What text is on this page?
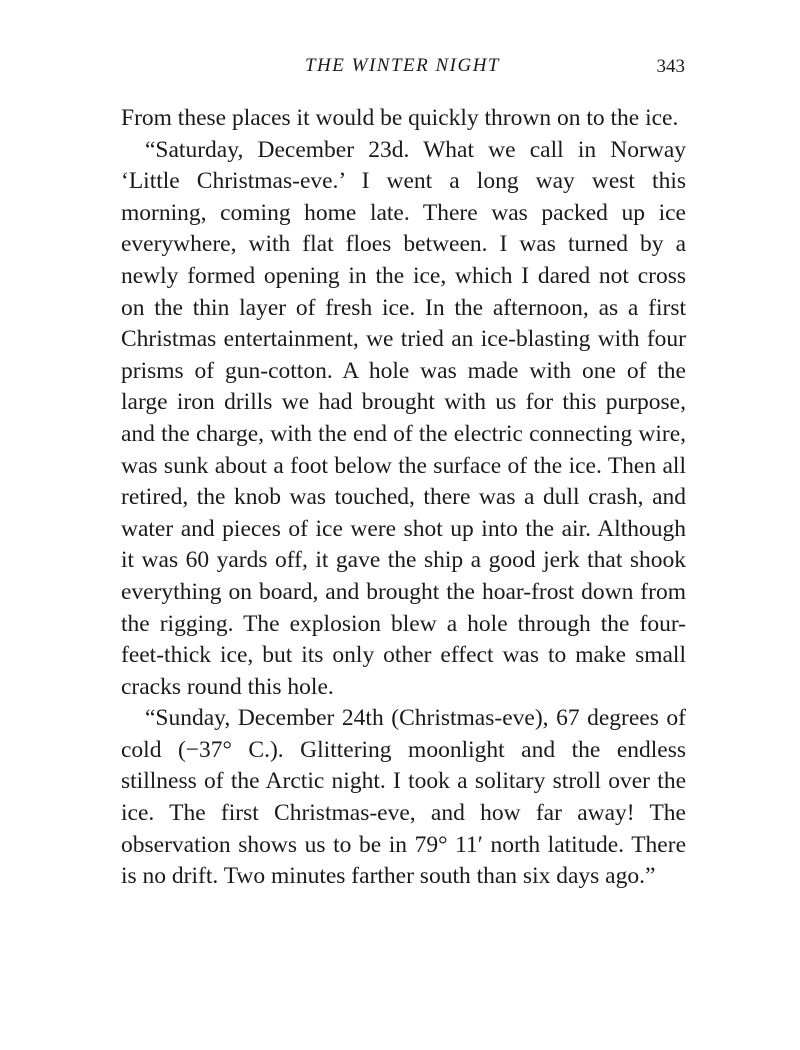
THE WINTER NIGHT	343

From these places it would be quickly thrown on to the ice.

“Saturday, December 23d. What we call in Norway ‘Little Christmas-eve.’ I went a long way west this morning, coming home late. There was packed up ice everywhere, with flat floes between. I was turned by a newly formed opening in the ice, which I dared not cross on the thin layer of fresh ice. In the afternoon, as a first Christmas entertainment, we tried an ice-blasting with four prisms of gun-cotton. A hole was made with one of the large iron drills we had brought with us for this purpose, and the charge, with the end of the electric connecting wire, was sunk about a foot below the surface of the ice. Then all retired, the knob was touched, there was a dull crash, and water and pieces of ice were shot up into the air. Although it was 60 yards off, it gave the ship a good jerk that shook everything on board, and brought the hoar-frost down from the rigging. The explosion blew a hole through the four-feet-thick ice, but its only other effect was to make small cracks round this hole.

“Sunday, December 24th (Christmas-eve), 67 degrees of cold (−37° C.). Glittering moonlight and the endless stillness of the Arctic night. I took a solitary stroll over the ice. The first Christmas-eve, and how far away! The observation shows us to be in 79° 11′ north latitude. There is no drift. Two minutes farther south than six days ago.”
